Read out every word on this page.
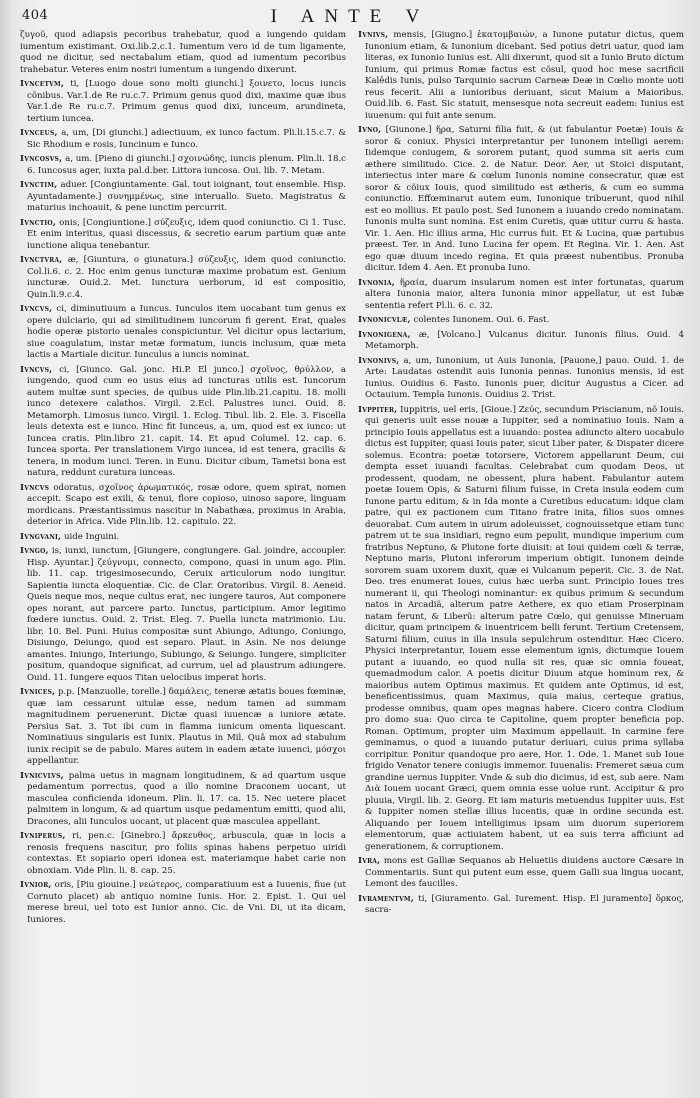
404	I ANTE V

ζυγοῦ, quod adiapsis pecoribus trahebatur, quod a iungendo quidam iumentum existimant. Oxi.lib.2.c.1. Iumentum vero id de tum ligamente, quod ne dicitur, sed nectabalum etiam, quod ad iumentum pecoribus trahebatur. Veteres enim nostri iumentum a iungendo dixerunt.

Ivncetvm, ti, [Luogo doue sono molti giunchi.] ξοινετο, locus iuncis cõnibus. Var.1.de Re ru.c.7. Primum genus quod dixi, maxime quæ ibus Var.1.de Re ru.c.7. Primum genus quod dixi, iunceum, arundineta, tertium iuncea.

Ivnceus, a, um, [Di giunchi.] adiectiuum, ex iunco factum. Pli.li.15.c.7. & Sic Rhodium e rosis, Iuncinum e Iunco.

Ivncosvs, a, um. [Pieno di giunchi.] σχοινώδης, iuncis plenum. Plin.li. 18.c 6. Iuncosus ager, iuxta pal.d.ber. Littora iuncosa. Oui. lib. 7. Metam.

Ivnctim, aduer. [Congiuntamente. Gal. tout ioignant, tout ensemble. Hisp. Ayuntadamente.] συνημμένως, sine interuallo. Sueto. Magistratus & maturius inchoauit, & pene iunctim percurrit.

Ivnctio, onis, [Congiuntione.] σύζευξις, idem quod coniunctio. Ci 1. Tusc. Et enim interitus, quasi discessus, & secretio earum partium quæ ante iunctione aliqua tenebantur.

Ivnctvra, æ, [Giuntura, o giunatura.] σύζευξις, idem quod coniunctio. Col.li.6. c. 2. Hoc enim genus iuncturæ maxime probatum est. Genium iuncturæ. Ouid.2. Met. Iunctura uerborum, id est compositio, Quin.li.9.c.4.

Ivncvs, ci, diminutiuum a Iuncus. Iunculos item uocabant tum genus ex opere dulciario, qui ad similitudinem iuncorum fi gerent. Erat, quales hodie operæ pistorio uenales conspiciuntur. Vel dicitur opus lactarium, siue coagulatum, instar metæ formatum, iuncis inclusum, quæ meta lactis a Martiale dicitur. Iunculus a iuncis nominat.

Ivncvs, ci, [Giunco. Gal. jonc. Hi.P. El junco.] σχοῖνος, θρύλλον, a iungendo, quod cum eo usus eius ad iuncturas utilis est. Iuncorum autem multæ sunt species, de quibus uide Plin.lib.21.capitu. 18. molli iunco detexere calathos. Virgil. 2.Ecl. Palustres iunci. Ouid. 8. Metamorph. Limosus iunco. Virgil. 1. Eclog. Tibul. lib. 2. Ele. 3. Fiscella leuis detexta est e iunco. Hinc fit Iunceus, a, um, quod est ex iunco: ut Iuncea cratis. Plin.libro 21. capit. 14. Et apud Columel. 12. cap. 6. Iuncea sporta. Per translationem Virgo iuncea, id est tenera, gracilis & tenera, in modum iunci. Teren. in Eunu. Dicitur cibum, Tametsi bona est natura, reddunt curatura iunceas.

Ivncvs odoratus, σχοῖνος ἀρωματικός, rosæ odore, quem spirat, nomen accepit. Scapo est exili, & tenui, flore copioso, uinoso sapore, linguam mordicans. Præstantissimus nascitur in Nabathæa, proximus in Arabia, deterior in Africa. Vide Plin.lib. 12. capitulo. 22.

Ivngvani, uide Inguini.

Ivngo, is, iunxi, iunctum, [Giungere, congiungere. Gal. joindre, accoupler. Hisp. Ayuntar.] ζεύγνυμι, connecto, compono, quasi in unum ago. Plin. lib. 11. cap. trigesimosecundo, Ceruix articulorum nodo iungitur. Sapientia iuncta eloquentiæ. Cic. de Clar. Oratoribus. Virgil. 8. Aeneid. Queis neque mos, neque cultus erat, nec iungere tauros, Aut componere opes norant, aut parcere parto. Iunctus, participium. Amor legitimo fœdere iunctus. Ouid. 2. Trist. Eleg. 7. Puella iuncta matrimonio. Liu. libr. 10. Bel. Puni. Huius compositæ sunt Abiungo, Adiungo, Coniungo, Disiungo, Deiungo, quod est separo. Plaut. in Asin. Ne nos deiunge amantes. Iniungo, Interiungo, Subiungo, & Seiungo. Iungere, simpliciter positum, quandoque significat, ad currum, uel ad plaustrum adiungere. Ouid. 11. Iungere equos Titan uelocibus imperat horis.

Ivnices, p.p. [Manzuolle, torelle.] δαμάλεις, teneræ ætatis boues fœminæ, quæ iam cessarunt uitulæ esse, nedum tamen ad summam magnitudinem peruenerunt. Dictæ quasi iuuencæ a iuniore ætate. Persius Sat. 3. Tot ibi cum in flamma iunicum omenta liquescant. Nominatiuus singularis est Iunix. Plautus in Mil. Quâ mox ad stabulum iunix recipit se de pabulo. Mares autem in eadem ætate iuuenci, μόσχοι appellantur.

Ivnicvlvs, palma uetus in magnam longitudinem, & ad quartum usque pedamentum porrectus, quod a illo nomine Draconem uocant, ut masculea conficienda idoneum. Plin. li. 17. ca. 15. Nec uetere placet palmitem in longum, & ad quartum usque pedamentum emitti, quod alii, Dracones, alii Iunculos uocant, ut placent quæ masculea appellant.

Ivniperus, ri, pen.c. [Ginebro.] ἄρκευθος, arbuscula, quæ in locis a renosis frequens nascitur, pro foliis spinas habens perpetuo uiridi contextas. Et sopiario operi idonea est. materiamque habet carie non obnoxiam. Vide Plin. li. 8. cap. 25.

Ivnior, oris, [Piu giouine.] νεώτερος, comparatiuum est a Iuuenis, fiue (ut Cornuto placet) ab antiquo nomine Iunis. Hor. 2. Epist. 1. Qui uel merese breui, uel toto est Iunior anno. Cic. de Vni. Di, ut ita dicam, Iuniores.

Ivnivs, mensis, [Giugno.] ἑκατομβαιών, a Iunone putatur dictus, quem Iunonium etiam, & Iunonium dicebant. Sed potius detri uatur, quod iam literas, ex Iunonio Iunius est. Alii dixerunt, quod sit a Iunio Bruto dictum Iunium, qui primus Romæ factus est cõsul, quod hoc mese sacrificii Kalêdis Iunis, pulso Tarquinio sacrum Carneæ Deæ in Cœlio monte uoti reus fecerit. Alii a iunioribus deriuant, sicut Maium a Maioribus. Ouid.lib. 6. Fast. Sic statuit, mensesque nota secreuit eadem: Iunius est iuuenum: qui fuit ante senum.

Ivno, [Giunone.] ἥρα, Saturni filia fuit, & (ut fabulantur Poetæ) Iouis & soror & coniux. Physici interpretantur per Iunonem intelligi aerem: Iidemque coniugem, & sororem putant, quod summa sit aeris cum æthere similitudo. Cice. 2. de Natur. Deor. Aer, ut Stoici disputant, interiectus inter mare & cœlum Iunonis nomine consecratur, quæ est soror & cõiux Iouis, quod similitudo est ætheris, & cum eo summa coniunctio. Effœminarut autem eum, Iunonique tribuerunt, quod nihil est eo mollius. Et paulo post. Sed Iunonem a iuuando credo nominatam. Iunonis multa sunt nomina. Est enim Curetis, quæ utitur curru & hasta. Vir. 1. Aen. Hic illius arma, Hic currus fuit. Et & Lucina, quæ partubus præest. Ter. in And. Iuno Lucina fer opem. Et Regina. Vir. 1. Aen. Ast ego quæ diuum incedo regina. Et quia præest nubentibus. Pronuba dicitur. Idem 4. Aen. Et pronuba Iuno.

Ivnonia, ἥραία, duarum insularum nomen est inter fortunatas, quarum altera Iunonia maior, altera Iunonia minor appellatur, ut est Iubæ sententia refert Pl.li. 6. c. 32.

Ivnonicvlæ, colentes Iunonem. Oui. 6. Fast.

Ivnonigena, æ, [Volcano.] Vulcanus dicitur. Iunonis filius. Ouid. 4 Metamorph.

Ivnonivs, a, um, Iunonium, ut Auis Iunonia, [Pauone,] pauo. Ouid. 1. de Arte: Laudatas ostendit auis Iunonia pennas. Iunonius mensis, id est Iunius. Ouidius 6. Fasto. Iunonis puer, dicitur Augustus a Cicer. ad Octauium. Templa Iunonis. Ouidius 2. Trist.

Ivppiter, Iuppitris, uel eris, [Gioue.] Ζεύς, secundum Priscianum, nõ Iouis. qui generis uult esse nouæ a Iuppiter, sed a nominatiuo Iouis. Nam a principio Iouis appellatus est a iuuando: postea adiuncto altero uocabulo dictus est Iuppiter, quasi Iouis pater, sicut Liber pater, & Dispater dicere solemus. Econtra: poetæ totorsere, Victorem appellarunt Deum, cui dempta esset iuuandi facultas. Celebrabat cum quodam Deos, ut prodessent, quodam, ne obessent, plura habent. Fabulantur autem poetæ Iouem Opis, & Saturni filium fuisse, in Creta insula eodem cum Iunone partu editum, & in Ida monte a Curetibus educatum: idque clam patre, qui ex pactionem cum Titano fratre inita, filios suos omnes deuorabat. Cum autem in uirum adoleuisset, cognouissetque etiam tunc patrem ut te sua insidiari, regno eum pepulit, mundique imperium cum fratribus Neptuno, & Plutone forte diuisit: at Ioui quidem cœli & terræ, Neptuno maris, Plutoni inferorum imperium obtigit. Iunonem deinde sororem suam uxorem duxit, quæ ei Vulcanum peperit. Cic. 3. de Nat. Deo. tres enumerat Ioues, cuius hæc uerba sunt. Principio Ioues tres numerant ii, qui Theologi nominantur: ex quibus primum & secundum natos in Arcadiã, alterum patre Aethere, ex quo etiam Proserpinam natam ferunt, & Liberũ: alterum patre Cœlo, qui genuisse Mineruam dicitur, quam principem & inuentricem belli ferunt. Tertium Cretensem, Saturni filium, cuius in illa insula sepulchrum ostenditur. Hæc Cicero. Physici interpretantur, Iouem esse elementum ignis, dictumque Iouem putant a iuuando, eo quod nulla sit res, quæ sic omnia foueat, quemadmodum calor. A poetis dicitur Diuum atque hominum rex, & maioribus autem Optimus maximus. Et quidem ante Optimus, id est, beneficentissimus, quam Maximus, quia maius, certeque gratius, prodesse omnibus, quam opes magnas habere. Cicero contra Clodium pro domo sua: Quo circa te Capitoline, quem propter beneficia pop. Roman. Optimum, propter uim Maximum appellauit. In carmine fere geminamus, ο quod a iuuando putatur deriuari, cuius prima syllaba corripitur. Ponitur quandoque pro aere, Hor. 1. Ode. 1. Manet sub Ioue frigido Venator tenere coniugis immemor. Iuuenalis: Fremeret sæua cum grandine uernus Iuppiter. Vnde & sub dio dicimus, id est, sub aere. Nam Διὰ Iouem uocant Græci, quem omnia esse uolue runt. Accipitur & pro pluuia, Virgil. lib. 2. Georg. Et iam maturis metuendus Iuppiter uuis. Est & Iuppiter nomen stellæ illius lucentis, quæ in ordine secunda est. Aliquando per Iouem intelligimus ipsam uim duorum superiorem elementorum, quæ actiuiatem habent, ut ea suis terra afficiunt ad generationem, & corruptionem.

Ivra, mons est Galliæ Sequanos ab Heluetiis diuidens auctore Cæsare in Commentariis. Sunt qui putent eum esse, quem Galli sua lingua uocant, Lemont des faucilles.

Ivramentvm, ti, [Giuramento. Gal. Iurement. Hisp. El juramento] ὅρκος, sacra-
